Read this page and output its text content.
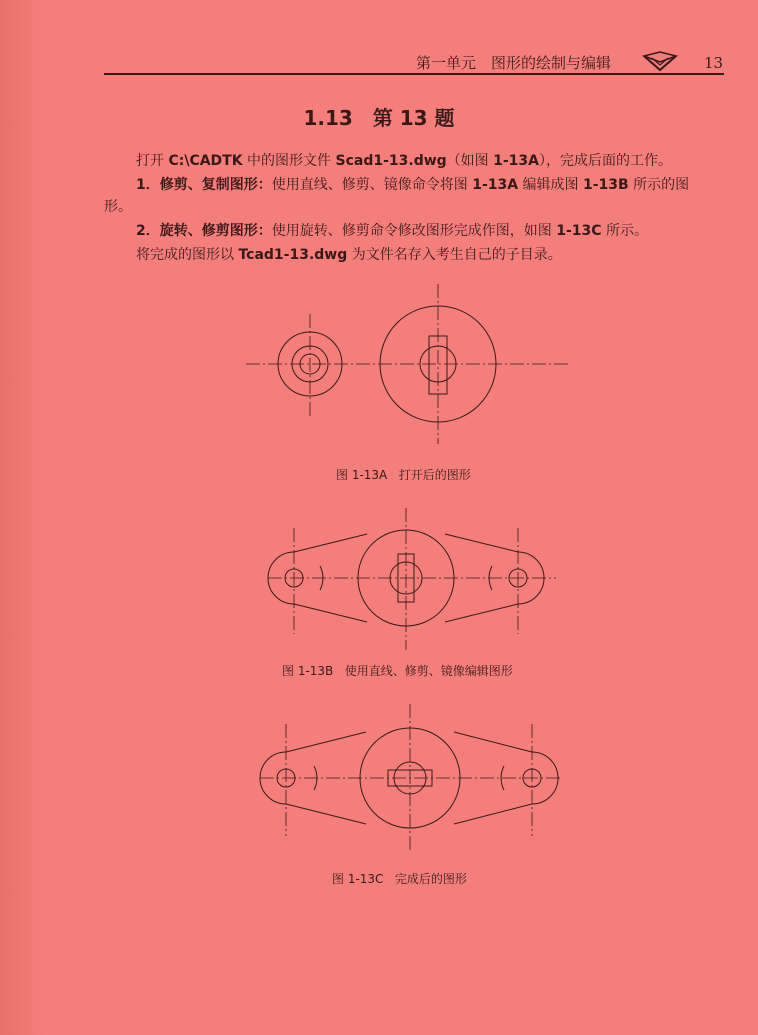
第一单元　图形的绘制与编辑	13
1.13 第 13 题
打开 C:\CADTK 中的图形文件 Scad1-13.dwg（如图 1-13A），完成后面的工作。
1．修剪、复制图形：使用直线、修剪、镜像命令将图 1-13A 编辑成图 1-13B 所示的图
形。
2．旋转、修剪图形：使用旋转、修剪命令修改图形完成作图，如图 1-13C 所示。
将完成的图形以 Tcad1-13.dwg 为文件名存入考生自己的子目录。
图 1-13A 打开后的图形
图 1-13B 使用直线、修剪、镜像编辑图形
图 1-13C 完成后的图形
